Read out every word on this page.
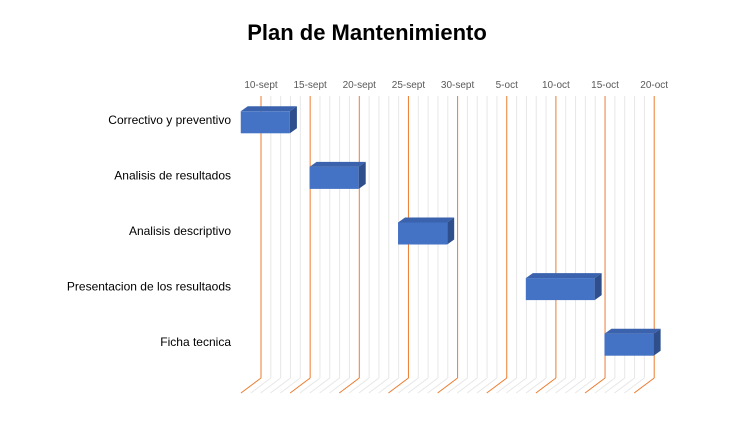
Plan de Mantenimiento
10-sept 15-sept 20-sept 25-sept 30-sept 5-oct 10-oct 15-oct 20-oct
Correctivo y preventivo
Analisis de resultados
Analisis descriptivo
Presentacion de los resultaods
Ficha tecnica
